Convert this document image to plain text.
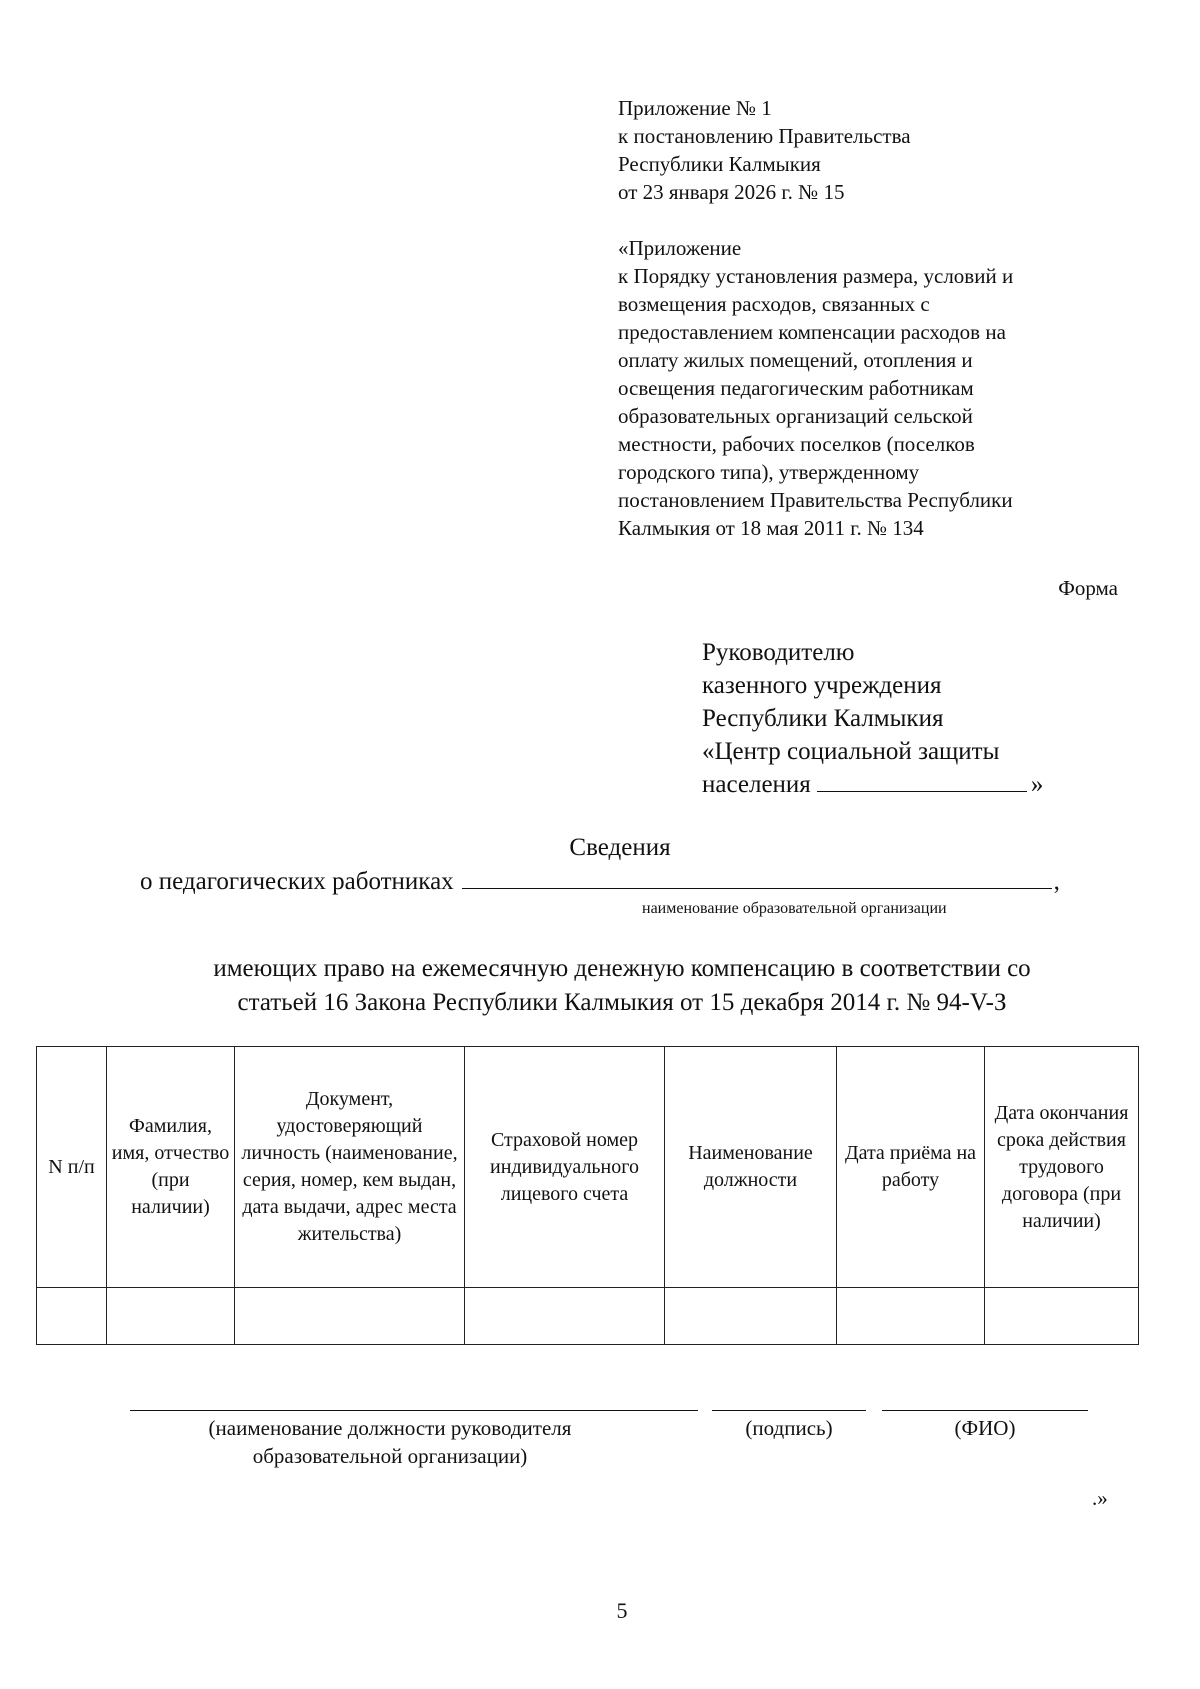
Приложение № 1
к постановлению Правительства
Республики Калмыкия
от 23 января 2026 г. № 15
«Приложение
к Порядку установления размера, условий и
возмещения расходов, связанных с
предоставлением компенсации расходов на
оплату жилых помещений, отопления и
освещения педагогическим работникам
образовательных организаций сельской
местности, рабочих поселков (поселков
городского типа), утвержденному
постановлением Правительства Республики
Калмыкия от 18 мая 2011 г. № 134
Форма
Руководителю
казенного учреждения
Республики Калмыкия
«Центр социальной защиты
населения	»
Сведения
о педагогических работниках	,
наименование образовательной организации
имеющих право на ежемесячную денежную компенсацию в соответствии со
статьей 16 Закона Республики Калмыкия от 15 декабря 2014 г. № 94-V-З
N п/п	Фамилия, имя, отчество (при наличии)	Документ, удостоверяющий личность (наименование, серия, номер, кем выдан, дата выдачи, адрес места жительства)	Страховой номер индивидуального лицевого счета	Наименование должности	Дата приёма на работу	Дата окончания срока действия трудового договора (при наличии)

(наименование должности руководителя
образовательной организации)
(подпись)	(ФИО)
.»
5
